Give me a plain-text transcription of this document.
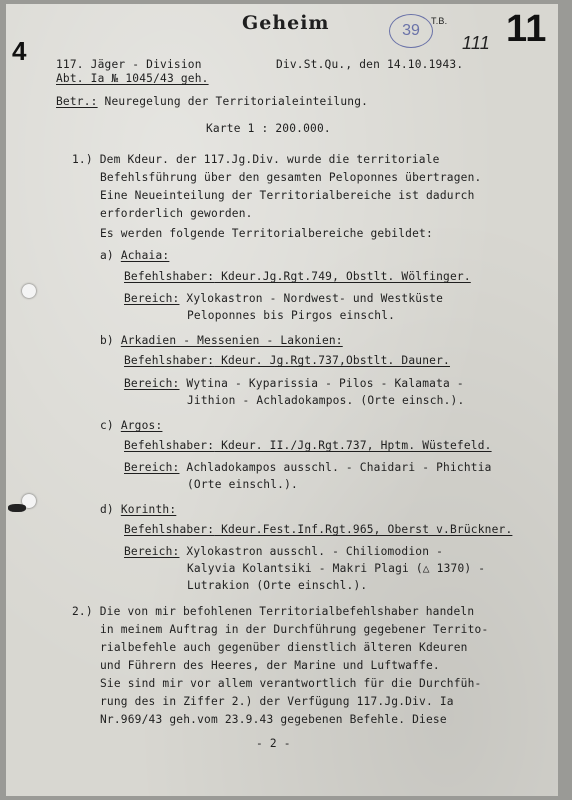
Geheim	39
T.B.
111 11
4	117. Jäger - Division
Abt. Ia № 1045/43 geh.
Div.St.Qu., den 14.10.1943.
Betr.: Neuregelung der Territorialeinteilung.
Karte 1 : 200.000.
1.) Dem Kdeur. der 117.Jg.Div. wurde die territoriale
Befehlsführung über den gesamten Peloponnes übertragen.
Eine Neueinteilung der Territorialbereiche ist dadurch
erforderlich geworden.
Es werden folgende Territorialbereiche gebildet:
a) Achaia:
Befehlshaber: Kdeur.Jg.Rgt.749, Obstlt. Wölfinger.
Bereich: Xylokastron - Nordwest- und Westküste
Peloponnes bis Pirgos einschl.
b) Arkadien - Messenien - Lakonien:
Befehlshaber: Kdeur. Jg.Rgt.737,Obstlt. Dauner.
Bereich: Wytina - Kyparissia - Pilos - Kalamata -
Jithion - Achladokampos. (Orte einsch.).
c) Argos:
Befehlshaber: Kdeur. II./Jg.Rgt.737, Hptm. Wüstefeld.
Bereich: Achladokampos ausschl. - Chaidari - Phichtia
(Orte einschl.).
d) Korinth:
Befehlshaber: Kdeur.Fest.Inf.Rgt.965, Oberst v.Brückner.
Bereich: Xylokastron ausschl. - Chiliomodion -
Kalyvia Kolantsiki - Makri Plagi (△ 1370) -
Lutrakion (Orte einschl.).
2.) Die von mir befohlenen Territorialbefehlshaber handeln
in meinem Auftrag in der Durchführung gegebener Territo-
rialbefehle auch gegenüber dienstlich älteren Kdeuren
und Führern des Heeres, der Marine und Luftwaffe.
Sie sind mir vor allem verantwortlich für die Durchfüh-
rung des in Ziffer 2.) der Verfügung 117.Jg.Div. Ia
Nr.969/43 geh.vom 23.9.43 gegebenen Befehle. Diese
- 2 -
